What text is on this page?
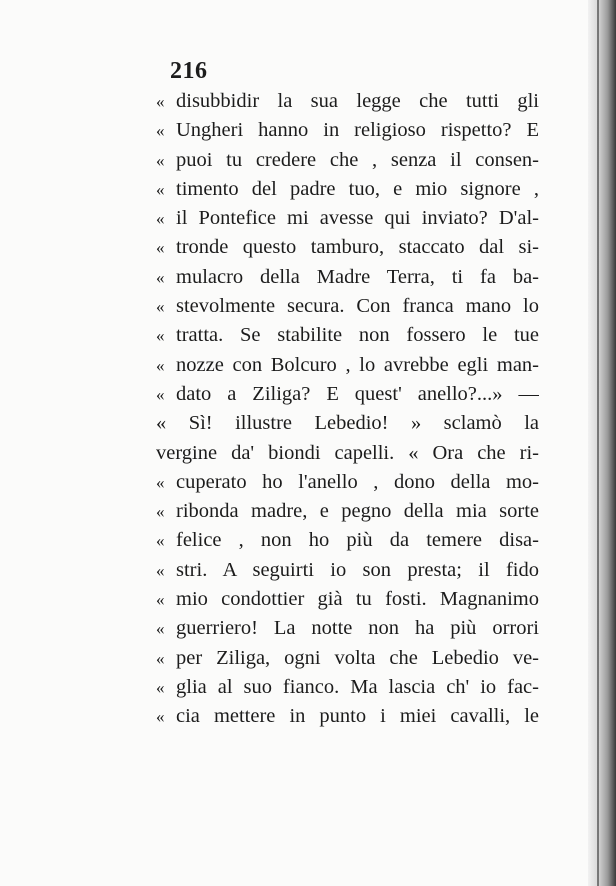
216
« disubbidir la sua legge che tutti gli
« Ungheri hanno in religioso rispetto? E
« puoi tu credere che , senza il consen-
« timento del padre tuo, e mio signore ,
« il Pontefice mi avesse qui inviato? D'al-
« tronde questo tamburo, staccato dal si-
« mulacro della Madre Terra, ti fa ba-
« stevolmente secura. Con franca mano lo
« tratta. Se stabilite non fossero le tue
« nozze con Bolcuro , lo avrebbe egli man-
« dato a Ziliga? E quest' anello?...» —
« Sì! illustre Lebedio! » sclamò la
vergine da' biondi capelli. « Ora che ri-
« cuperato ho l'anello , dono della mo-
« ribonda madre, e pegno della mia sorte
« felice , non ho più da temere disa-
« stri. A seguirti io son presta; il fido
« mio condottier già tu fosti. Magnanimo
« guerriero! La notte non ha più orrori
« per Ziliga, ogni volta che Lebedio ve-
« glia al suo fianco. Ma lascia ch' io fac-
« cia mettere in punto i miei cavalli, le
